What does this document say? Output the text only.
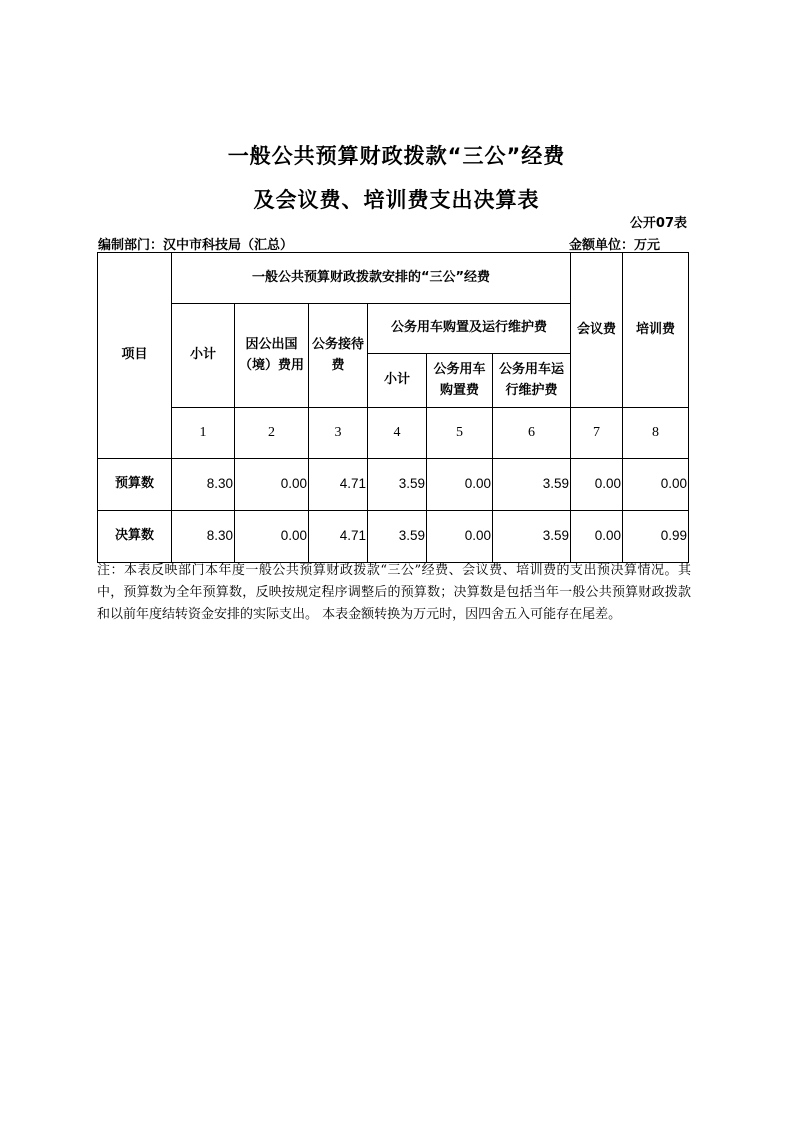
一般公共预算财政拨款“三公”经费
及会议费、培训费支出决算表
公开07表
编制部门：汉中市科技局（汇总）	金额单位：万元
项目	一般公共预算财政拨款安排的“三公”经费						会议费	培训费
	小计	因公出国（境）费用	公务接待费	公务用车购置及运行维护费				
				小计	公务用车购置费	公务用车运行维护费		
	1	2	3	4	5	6	7	8
预算数	8.30	0.00	4.71	3.59	0.00	3.59	0.00	0.00
决算数	8.30	0.00	4.71	3.59	0.00	3.59	0.00	0.99
注：本表反映部门本年度一般公共预算财政拨款“三公”经费、会议费、培训费的支出预决算情况。其中，预算数为全年预算数，反映按规定程序调整后的预算数；决算数是包括当年一般公共预算财政拨款和以前年度结转资金安排的实际支出。 本表金额转换为万元时，因四舍五入可能存在尾差。
